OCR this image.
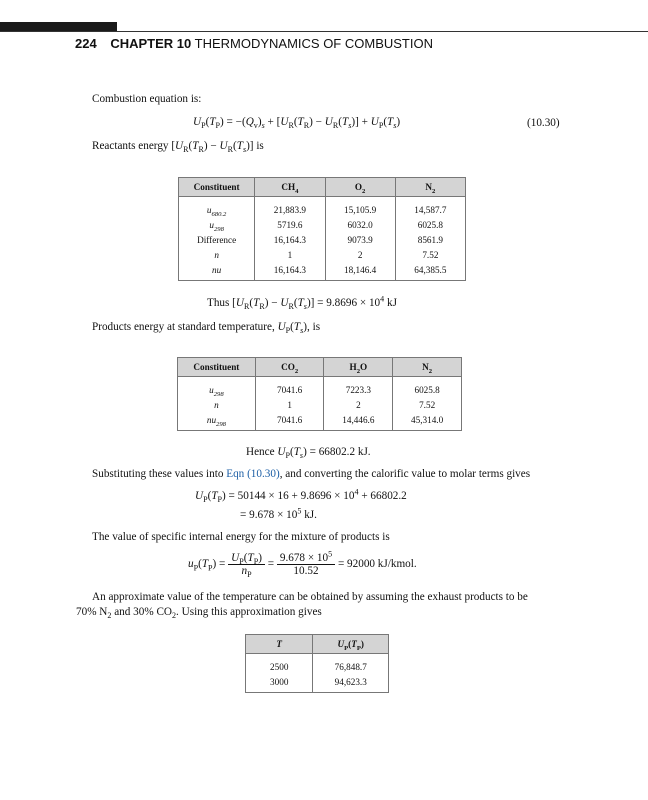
224 CHAPTER 10 THERMODYNAMICS OF COMBUSTION
Combustion equation is:
$U_P(T_P) = -(Q_v)_s + [U_R(T_R) - U_R(T_s)] + U_P(T_s)$	(10.30)
Reactants energy $[U_R(T_R) - U_R(T_s)]$ is
Constituent	$CH_4$	$O_2$	$N_2$
$u_{680.2}$	21,883.9	15,105.9	14,587.7
$u_{298}$	5719.6	6032.0	6025.8
Difference	16,164.3	9073.9	8561.9
n	1	2	7.52
nu	16,164.3	18,146.4	64,385.5
Thus $[U_R(T_R) - U_R(T_s)] = 9.8696 \times 10^4$ kJ
Products energy at standard temperature, $U_P(T_s)$, is
Constituent	$CO_2$	$H_2O$	$N_2$
$u_{298}$	7041.6	7223.3	6025.8
n	1	2	7.52
$nu_{298}$	7041.6	14,446.6	45,314.0
Hence $U_P(T_s) = 66802.2$ kJ.
Substituting these values into Eqn (10.30), and converting the calorific value to molar terms gives
$U_P(T_P) = 50144 \times 16 + 9.8696 \times 10^4 + 66802.2$
= $9.678 \times 10^5$ kJ.
The value of specific internal energy for the mixture of products is
$u_P(T_P) = \frac{U_P(T_P)}{n_P} = \frac{9.678 \times 10^5}{10.52} = 92000$ kJ/kmol.
An approximate value of the temperature can be obtained by assuming the exhaust products to be
70% $N_2$ and 30% $CO_2$. Using this approximation gives
T	$U_P(T_P)$
2500	76,848.7
3000	94,623.3
